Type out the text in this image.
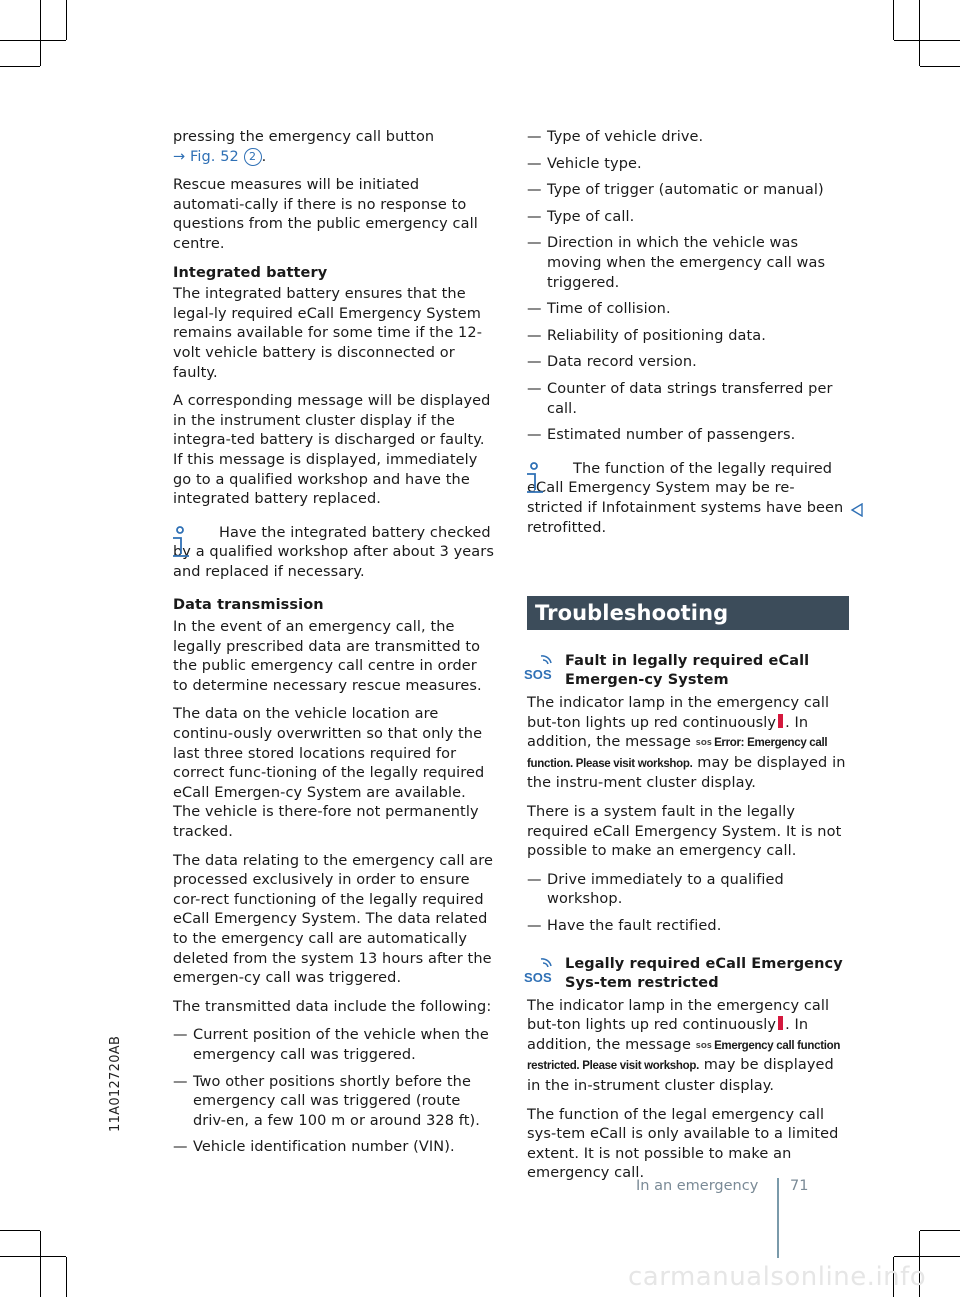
pressing the emergency call button
→ Fig. 52 2 .

Rescue measures will be initiated automati-cally if there is no response to questions from the public emergency call centre.

Integrated battery

The integrated battery ensures that the legal-ly required eCall Emergency System remains available for some time if the 12-volt vehicle battery is disconnected or faulty.

A corresponding message will be displayed in the instrument cluster display if the integra-ted battery is discharged or faulty. If this message is displayed, immediately go to a qualified workshop and have the integrated battery replaced.

Have the integrated battery checked by a qualified workshop after about 3 years and replaced if necessary.

Data transmission

In the event of an emergency call, the legally prescribed data are transmitted to the public emergency call centre in order to determine necessary rescue measures.

The data on the vehicle location are continu-ously overwritten so that only the last three stored locations required for correct func-tioning of the legally required eCall Emergen-cy System are available. The vehicle is there-fore not permanently tracked.

The data relating to the emergency call are processed exclusively in order to ensure cor-rect functioning of the legally required eCall Emergency System. The data related to the emergency call are automatically deleted from the system 13 hours after the emergen-cy call was triggered.

The transmitted data include the following:

— Current position of the vehicle when the emergency call was triggered.
— Two other positions shortly before the emergency call was triggered (route driv-en, a few 100 m or around 328 ft).
— Vehicle identification number (VIN).
— Type of vehicle drive.
— Vehicle type.
— Type of trigger (automatic or manual)
— Type of call.
— Direction in which the vehicle was moving when the emergency call was triggered.
— Time of collision.
— Reliability of positioning data.
— Data record version.
— Counter of data strings transferred per call.
— Estimated number of passengers.

The function of the legally required eCall Emergency System may be re-stricted if Infotainment systems have been retrofitted.

Troubleshooting
SOS
Fault in legally required eCall Emergen-cy System

The indicator lamp in the emergency call but-ton lights up red continuously . In addition, the message SOS Error: Emergency call function. Please visit workshop. may be displayed in the instru-ment cluster display.

There is a system fault in the legally required eCall Emergency System. It is not possible to make an emergency call.

— Drive immediately to a qualified workshop.
— Have the fault rectified.
SOS
Legally required eCall Emergency Sys-tem restricted

The indicator lamp in the emergency call but-ton lights up red continuously . In addition, the message SOS Emergency call function restricted. Please visit workshop. may be displayed in the in-strument cluster display.

The function of the legal emergency call sys-tem eCall is only available to a limited extent. It is not possible to make an emergency call.

11A012720AB
In an emergency 71
carmanualsonline.info
